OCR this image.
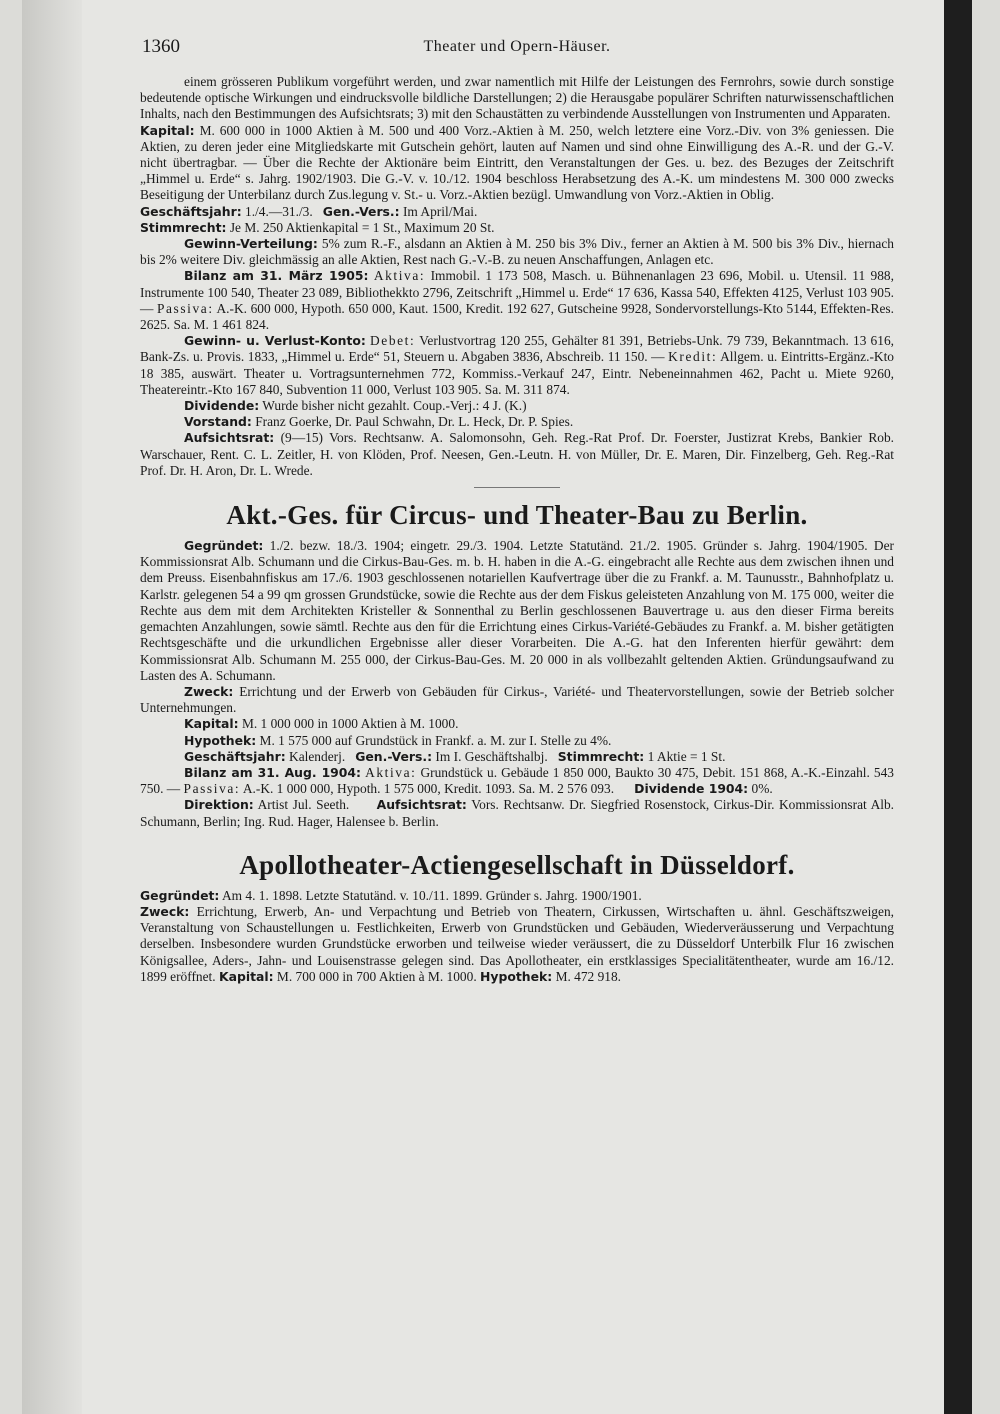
1360	Theater und Opern-Häuser.

einem grösseren Publikum vorgeführt werden, und zwar namentlich mit Hilfe der Leistungen des Fernrohrs, sowie durch sonstige bedeutende optische Wirkungen und eindrucksvolle bildliche Darstellungen; 2) die Herausgabe populärer Schriften naturwissenschaftlichen Inhalts, nach den Bestimmungen des Aufsichtsrats; 3) mit den Schaustätten zu verbindende Ausstellungen von Instrumenten und Apparaten.

Kapital: M. 600 000 in 1000 Aktien à M. 500 und 400 Vorz.-Aktien à M. 250, welch letztere eine Vorz.-Div. von 3% geniessen. Die Aktien, zu deren jeder eine Mitgliedskarte mit Gutschein gehört, lauten auf Namen und sind ohne Einwilligung des A.-R. und der G.-V. nicht übertragbar. — Über die Rechte der Aktionäre beim Eintritt, den Veranstaltungen der Ges. u. bez. des Bezuges der Zeitschrift „Himmel u. Erde“ s. Jahrg. 1902/1903. Die G.-V. v. 10./12. 1904 beschloss Herabsetzung des A.-K. um mindestens M. 300 000 zwecks Beseitigung der Unterbilanz durch Zus.legung v. St.- u. Vorz.-Aktien bezügl. Umwandlung von Vorz.-Aktien in Oblig.

Geschäftsjahr: 1./4.—31./3. Gen.-Vers.: Im April/Mai.

Stimmrecht: Je M. 250 Aktienkapital = 1 St., Maximum 20 St.

Gewinn-Verteilung: 5% zum R.-F., alsdann an Aktien à M. 250 bis 3% Div., ferner an Aktien à M. 500 bis 3% Div., hiernach bis 2% weitere Div. gleichmässig an alle Aktien, Rest nach G.-V.-B. zu neuen Anschaffungen, Anlagen etc.

Bilanz am 31. März 1905: Aktiva: Immobil. 1 173 508, Masch. u. Bühnenanlagen 23 696, Mobil. u. Utensil. 11 988, Instrumente 100 540, Theater 23 089, Bibliothekkto 2796, Zeitschrift „Himmel u. Erde“ 17 636, Kassa 540, Effekten 4125, Verlust 103 905. — Passiva: A.-K. 600 000, Hypoth. 650 000, Kaut. 1500, Kredit. 192 627, Gutscheine 9928, Sondervorstellungs-Kto 5144, Effekten-Res. 2625. Sa. M. 1 461 824.

Gewinn- u. Verlust-Konto: Debet: Verlustvortrag 120 255, Gehälter 81 391, Betriebs-Unk. 79 739, Bekanntmach. 13 616, Bank-Zs. u. Provis. 1833, „Himmel u. Erde“ 51, Steuern u. Abgaben 3836, Abschreib. 11 150. — Kredit: Allgem. u. Eintritts-Ergänz.-Kto 18 385, auswärt. Theater u. Vortragsunternehmen 772, Kommiss.-Verkauf 247, Eintr. Nebeneinnahmen 462, Pacht u. Miete 9260, Theatereintr.-Kto 167 840, Subvention 11 000, Verlust 103 905. Sa. M. 311 874.

Dividende: Wurde bisher nicht gezahlt. Coup.-Verj.: 4 J. (K.)

Vorstand: Franz Goerke, Dr. Paul Schwahn, Dr. L. Heck, Dr. P. Spies.

Aufsichtsrat: (9—15) Vors. Rechtsanw. A. Salomonsohn, Geh. Reg.-Rat Prof. Dr. Foerster, Justizrat Krebs, Bankier Rob. Warschauer, Rent. C. L. Zeitler, H. von Klöden, Prof. Neesen, Gen.-Leutn. H. von Müller, Dr. E. Maren, Dir. Finzelberg, Geh. Reg.-Rat Prof. Dr. H. Aron, Dr. L. Wrede.

Akt.-Ges. für Circus- und Theater-Bau zu Berlin.

Gegründet: 1./2. bezw. 18./3. 1904; eingetr. 29./3. 1904. Letzte Statutänd. 21./2. 1905. Gründer s. Jahrg. 1904/1905. Der Kommissionsrat Alb. Schumann und die Cirkus-Bau-Ges. m. b. H. haben in die A.-G. eingebracht alle Rechte aus dem zwischen ihnen und dem Preuss. Eisenbahnfiskus am 17./6. 1903 geschlossenen notariellen Kaufvertrage über die zu Frankf. a. M. Taunusstr., Bahnhofplatz u. Karlstr. gelegenen 54 a 99 qm grossen Grundstücke, sowie die Rechte aus der dem Fiskus geleisteten Anzahlung von M. 175 000, weiter die Rechte aus dem mit dem Architekten Kristeller & Sonnenthal zu Berlin geschlossenen Bauvertrage u. aus den dieser Firma bereits gemachten Anzahlungen, sowie sämtl. Rechte aus den für die Errichtung eines Cirkus-Variété-Gebäudes zu Frankf. a. M. bisher getätigten Rechtsgeschäfte und die urkundlichen Ergebnisse aller dieser Vorarbeiten. Die A.-G. hat den Inferenten hierfür gewährt: dem Kommissionsrat Alb. Schumann M. 255 000, der Cirkus-Bau-Ges. M. 20 000 in als vollbezahlt geltenden Aktien. Gründungsaufwand zu Lasten des A. Schumann.

Zweck: Errichtung und der Erwerb von Gebäuden für Cirkus-, Variété- und Theatervorstellungen, sowie der Betrieb solcher Unternehmungen.

Kapital: M. 1 000 000 in 1000 Aktien à M. 1000.

Hypothek: M. 1 575 000 auf Grundstück in Frankf. a. M. zur I. Stelle zu 4%.

Geschäftsjahr: Kalenderj. Gen.-Vers.: Im I. Geschäftshalbj. Stimmrecht: 1 Aktie = 1 St.

Bilanz am 31. Aug. 1904: Aktiva: Grundstück u. Gebäude 1 850 000, Baukto 30 475, Debit. 151 868, A.-K.-Einzahl. 543 750. — Passiva: A.-K. 1 000 000, Hypoth. 1 575 000, Kredit. 1093. Sa. M. 2 576 093. Dividende 1904: 0%.

Direktion: Artist Jul. Seeth. Aufsichtsrat: Vors. Rechtsanw. Dr. Siegfried Rosenstock, Cirkus-Dir. Kommissionsrat Alb. Schumann, Berlin; Ing. Rud. Hager, Halensee b. Berlin.

Apollotheater-Actiengesellschaft in Düsseldorf.

Gegründet: Am 4. 1. 1898. Letzte Statutänd. v. 10./11. 1899. Gründer s. Jahrg. 1900/1901.

Zweck: Errichtung, Erwerb, An- und Verpachtung und Betrieb von Theatern, Cirkussen, Wirtschaften u. ähnl. Geschäftszweigen, Veranstaltung von Schaustellungen u. Festlichkeiten, Erwerb von Grundstücken und Gebäuden, Wiederveräusserung und Verpachtung derselben. Insbesondere wurden Grundstücke erworben und teilweise wieder veräussert, die zu Düsseldorf Unterbilk Flur 16 zwischen Königsallee, Aders-, Jahn- und Louisenstrasse gelegen sind. Das Apollotheater, ein erstklassiges Specialitätentheater, wurde am 16./12. 1899 eröffnet. Kapital: M. 700 000 in 700 Aktien à M. 1000. Hypothek: M. 472 918.
